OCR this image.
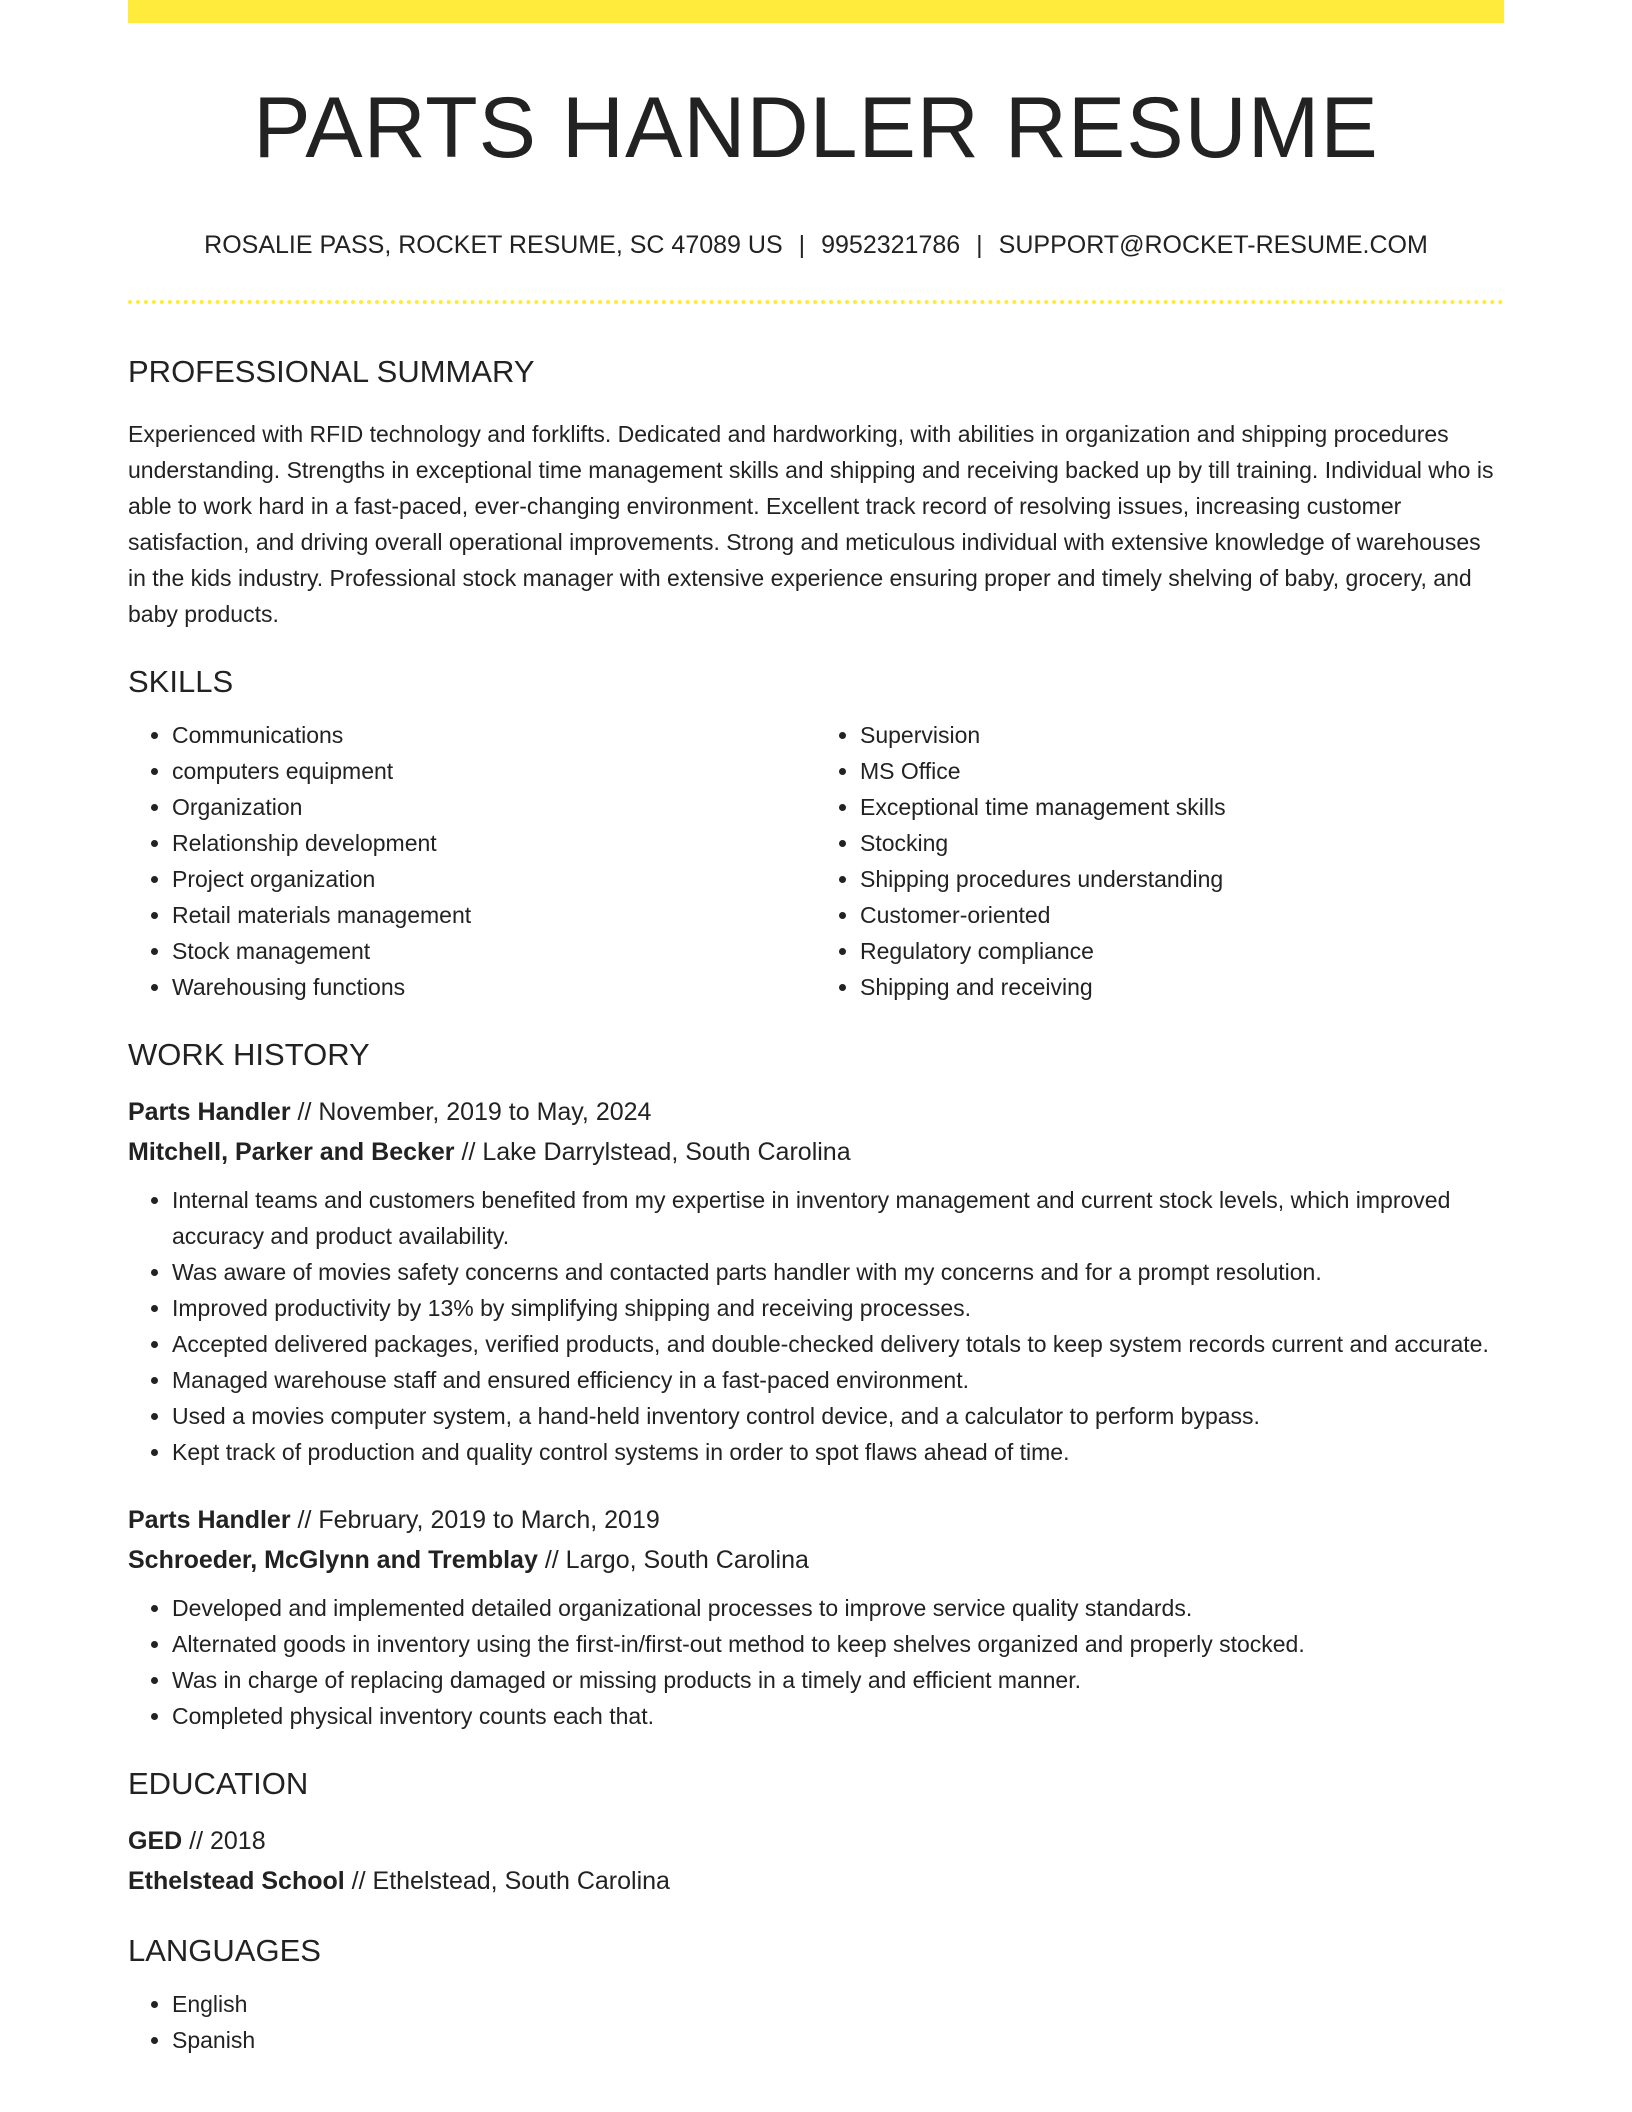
PARTS HANDLER RESUME
ROSALIE PASS, ROCKET RESUME, SC 47089 US | 9952321786 | SUPPORT@ROCKET-RESUME.COM
PROFESSIONAL SUMMARY

Experienced with RFID technology and forklifts. Dedicated and hardworking, with abilities in organization and shipping procedures understanding. Strengths in exceptional time management skills and shipping and receiving backed up by till training. Individual who is able to work hard in a fast-paced, ever-changing environment. Excellent track record of resolving issues, increasing customer satisfaction, and driving overall operational improvements. Strong and meticulous individual with extensive knowledge of warehouses in the kids industry. Professional stock manager with extensive experience ensuring proper and timely shelving of baby, grocery, and baby products.

SKILLS
• Communications
• computers equipment
• Organization
• Relationship development
• Project organization
• Retail materials management
• Stock management
• Warehousing functions
• Supervision
• MS Office
• Exceptional time management skills
• Stocking
• Shipping procedures understanding
• Customer-oriented
• Regulatory compliance
• Shipping and receiving
WORK HISTORY
Parts Handler // November, 2019 to May, 2024
Mitchell, Parker and Becker // Lake Darrylstead, South Carolina
• Internal teams and customers benefited from my expertise in inventory management and current stock levels, which improved accuracy and product availability.
• Was aware of movies safety concerns and contacted parts handler with my concerns and for a prompt resolution.
• Improved productivity by 13% by simplifying shipping and receiving processes.
• Accepted delivered packages, verified products, and double-checked delivery totals to keep system records current and accurate.
• Managed warehouse staff and ensured efficiency in a fast-paced environment.
• Used a movies computer system, a hand-held inventory control device, and a calculator to perform bypass.
• Kept track of production and quality control systems in order to spot flaws ahead of time.
Parts Handler // February, 2019 to March, 2019
Schroeder, McGlynn and Tremblay // Largo, South Carolina
• Developed and implemented detailed organizational processes to improve service quality standards.
• Alternated goods in inventory using the first-in/first-out method to keep shelves organized and properly stocked.
• Was in charge of replacing damaged or missing products in a timely and efficient manner.
• Completed physical inventory counts each that.
EDUCATION
GED // 2018
Ethelstead School // Ethelstead, South Carolina
LANGUAGES
• English
• Spanish
